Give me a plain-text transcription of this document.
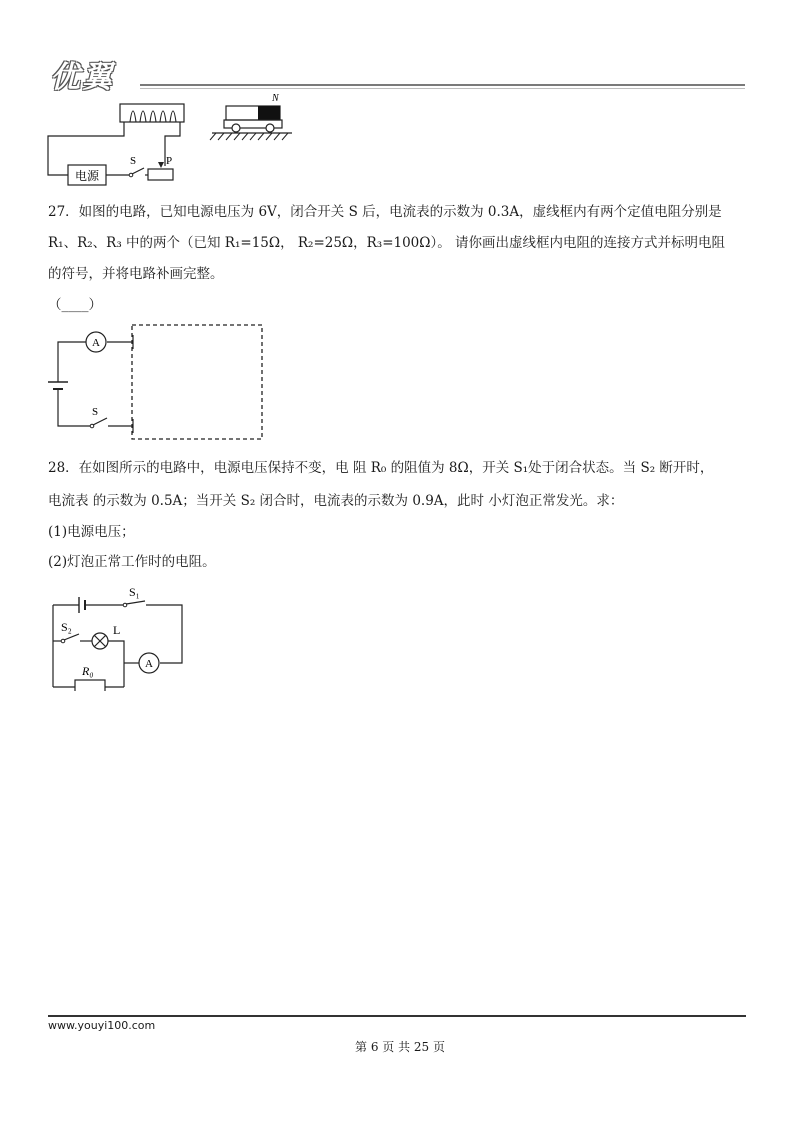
优翼
电源
S	P
N
27．如图的电路，已知电源电压为 6V，闭合开关 S 后，电流表的示数为 0.3A，虚线框内有两个定值电阻分别是
R₁、R₂、R₃ 中的两个（已知 R₁=15Ω， R₂=25Ω，R₃=100Ω）。 请你画出虚线框内电阻的连接方式并标明电阻
的符号，并将电路补画完整。
（____）
A
S
28．在如图所示的电路中，电源电压保持不变，电 阻 R₀ 的阻值为 8Ω，开关 S₁处于闭合状态。当 S₂ 断开时，
电流表 的示数为 0.5A；当开关 S₂ 闭合时，电流表的示数为 0.9A，此时 小灯泡正常发光。求：
(1)电源电压；
(2)灯泡正常工作时的电阻。
S₁
A
S₂	L
R₀
www.youyi100.com
第 6 页 共 25 页
